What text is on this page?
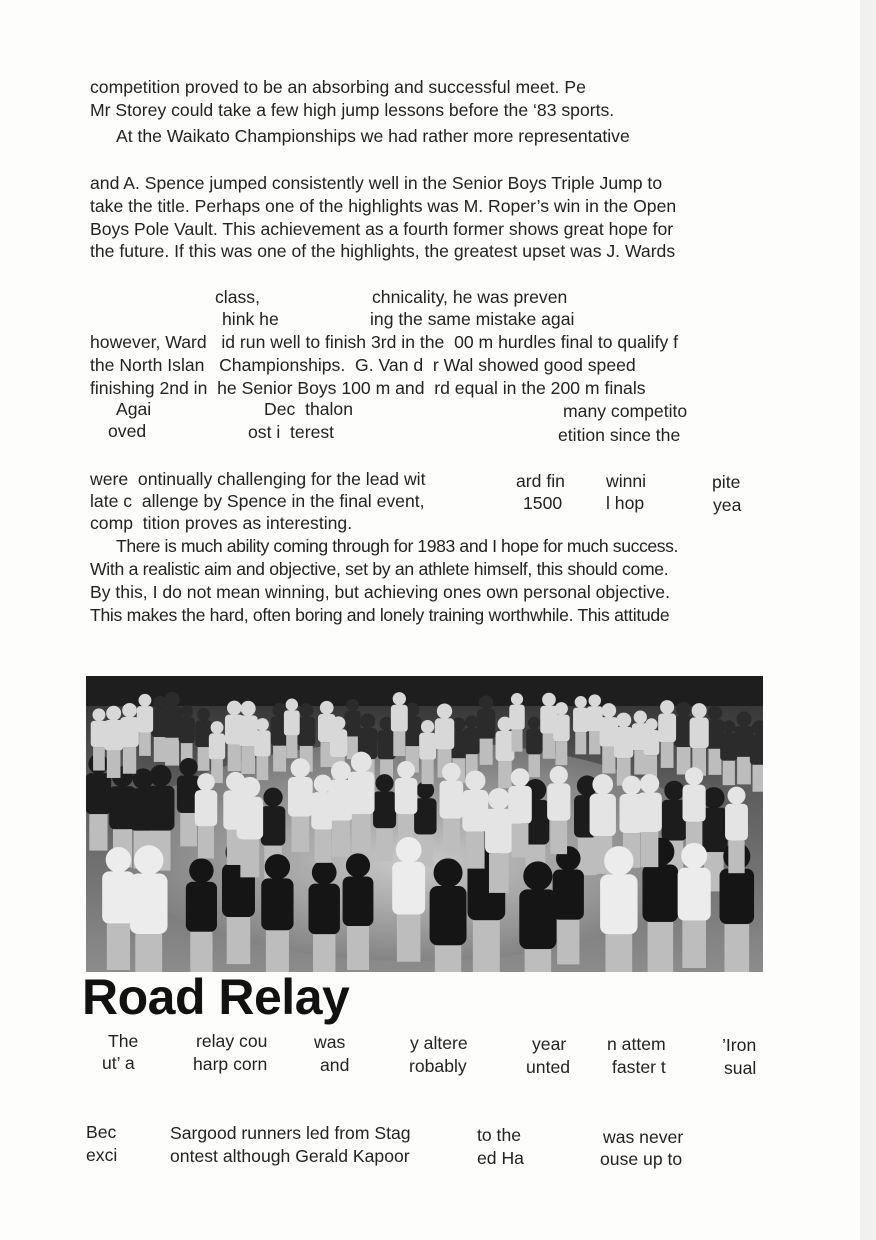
competition proved to be an absorbing and successful meet. Pe
Mr Storey could take a few high jump lessons before the ‘83 sports.
At the Waikato Championships we had rather more representative
and A. Spence jumped consistently well in the Senior Boys Triple Jump to
take the title. Perhaps one of the highlights was M. Roper’s win in the Open
Boys Pole Vault. This achievement as a fourth former shows great hope for
the future. If this was one of the highlights, the greatest upset was J. Wards
class,	chnicality, he was preven
hink he	ing the same mistake agai
however, Ward   id run well to finish 3rd in the  00 m hurdles final to qualify f
the North Islan   Championships.  G. Van d  r Wal showed good speed
finishing 2nd in  he Senior Boys 100 m and  rd equal in the 200 m finals
Agai	Dec  thalon	many competito
oved	ost i  terest	etition since the
were  ontinually challenging for the lead wit	ard fin winni	pite
late c  allenge by Spence in the final event,	1500 l hop	yea
comp  tition proves as interesting.
There is much ability coming through for 1983 and I hope for much success.
With a realistic aim and objective, set by an athlete himself, this should come.
By this, I do not mean winning, but achieving ones own personal objective.
This makes the hard, often boring and lonely training worthwhile. This attitude
Road Relay
The	relay cou	was	y altere	year n attem	’Iron
ut’ a	harp corn	and	robably	unted faster t	sual
Bec	Sargood runners led from Stag	to the	was never
exci	ontest although Gerald Kapoor	ed Ha	ouse up to
